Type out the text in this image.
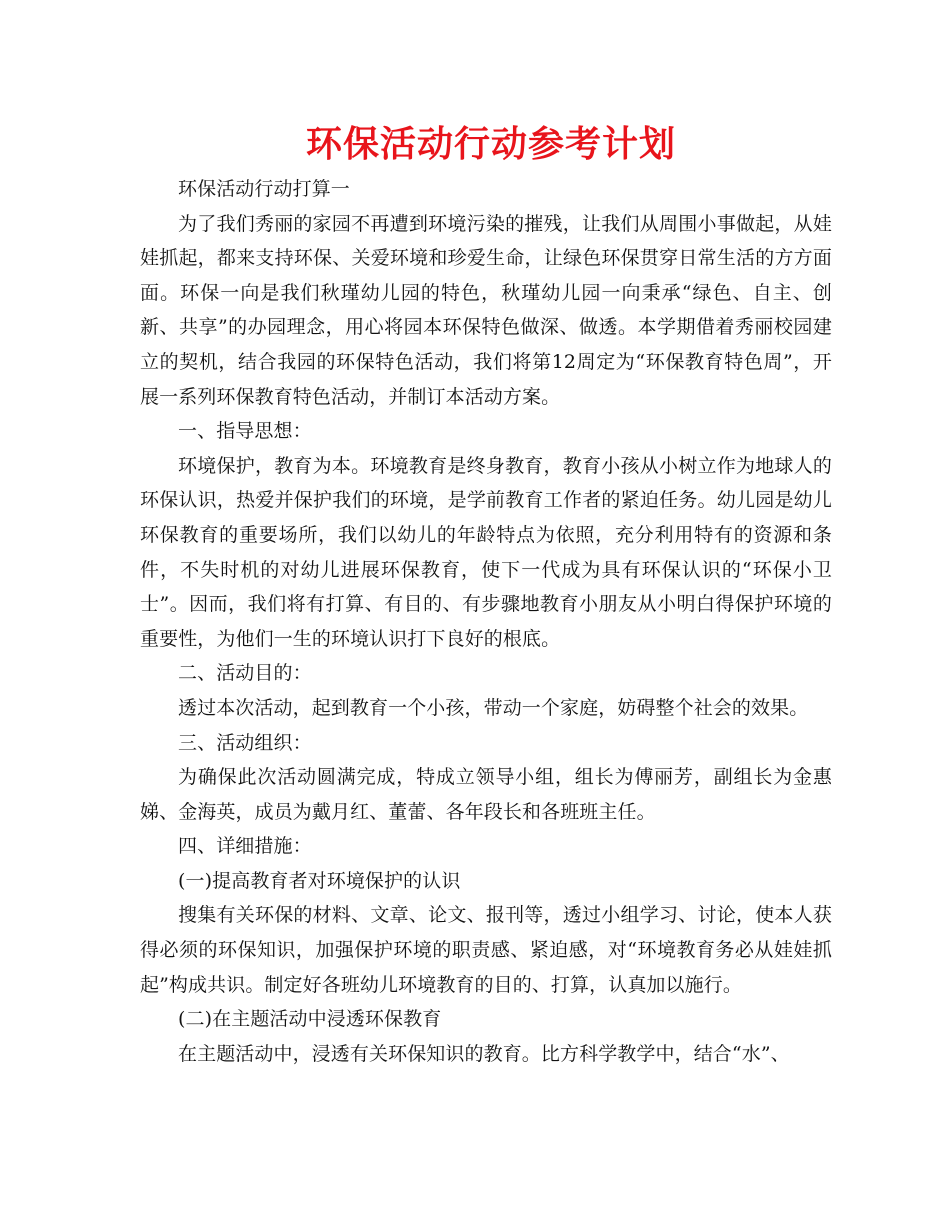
环保活动行动参考计划

环保活动行动打算一

为了我们秀丽的家园不再遭到环境污染的摧残，让我们从周围小事做起，从娃娃抓起，都来支持环保、关爱环境和珍爱生命，让绿色环保贯穿日常生活的方方面面。环保一向是我们秋瑾幼儿园的特色，秋瑾幼儿园一向秉承“绿色、自主、创新、共享”的办园理念，用心将园本环保特色做深、做透。本学期借着秀丽校园建立的契机，结合我园的环保特色活动，我们将第12周定为“环保教育特色周”，开展一系列环保教育特色活动，并制订本活动方案。

一、指导思想：

环境保护，教育为本。环境教育是终身教育，教育小孩从小树立作为地球人的环保认识，热爱并保护我们的环境，是学前教育工作者的紧迫任务。幼儿园是幼儿环保教育的重要场所，我们以幼儿的年龄特点为依照，充分利用特有的资源和条件，不失时机的对幼儿进展环保教育，使下一代成为具有环保认识的“环保小卫士”。因而，我们将有打算、有目的、有步骤地教育小朋友从小明白得保护环境的重要性，为他们一生的环境认识打下良好的根底。

二、活动目的：

透过本次活动，起到教育一个小孩，带动一个家庭，妨碍整个社会的效果。

三、活动组织：

为确保此次活动圆满完成，特成立领导小组，组长为傅丽芳，副组长为金惠娣、金海英，成员为戴月红、董蕾、各年段长和各班班主任。

四、详细措施：

(一)提高教育者对环境保护的认识

搜集有关环保的材料、文章、论文、报刊等，透过小组学习、讨论，使本人获得必须的环保知识，加强保护环境的职责感、紧迫感，对“环境教育务必从娃娃抓起”构成共识。制定好各班幼儿环境教育的目的、打算，认真加以施行。

(二)在主题活动中浸透环保教育

在主题活动中，浸透有关环保知识的教育。比方科学教学中，结合“水”、
